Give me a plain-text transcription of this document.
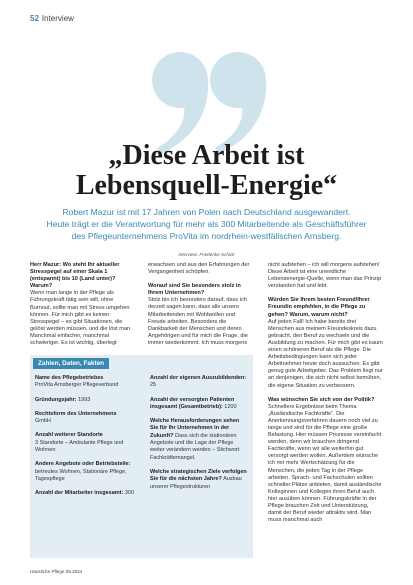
52 Interview
„Diese Arbeit ist
Lebensquell-Energie“
Robert Mazur ist mit 17 Jahren von Polen nach Deutschland ausgewandert.
Heute trägt er die Verantwortung für mehr als 300 Mitarbeitende als Geschäftsführer
des Pflegeunternehmens ProVita im nordrhein-westfälischen Arnsberg.
Interview: Friederike Schick
Herr Mazur: Wo steht Ihr aktueller Stresspegel auf einer Skala 1 (entspannt) bis 10 (Land unter)? Warum?
Wenn man lange in der Pflege als Führungskraft tätig sein will, ohne Burnout, sollte man mit Stress umgehen können. Für mich gibt es keinen Stresspegel – es gibt Situationen, die gelöst werden müssen, und die löst man. Manchmal einfacher, manchmal schwieriger. Es ist wichtig, überlegt
erwachsen und aus den Erfahrungen der Vergangenheit schöpfen.
Worauf sind Sie besonders stolz in Ihrem Unternehmen?
Stolz bin ich besonders darauf, dass ich derzeit sagen kann, dass alle unsere Mitarbeitenden mit Wohlwollen und Freude arbeiten. Besonders die Dankbarkeit der Menschen und deren Angehörigen und für mich die Frage, die immer wiederkommt. Ich muss morgens
nicht aufstehen – ich will morgens aufstehen! Diese Arbeit ist eine unendliche Lebensenergie-Quelle, wenn man das Prinzip verstanden hat und lebt.
Würden Sie Ihrem besten Freund/Ihrer Freundin empfehlen, in die Pflege zu gehen? Warum, warum nicht?
Auf jeden Fall! Ich habe bereits drei Menschen aus meinem Freundeskreis dazu gebracht, den Beruf zu wechseln und die Ausbildung zu machen. Für mich gibt es kaum einen schöneren Beruf als die Pflege. Die Arbeitsbedingungen kann sich jeder Arbeitnehmer heute doch aussuchen. Es gibt genug gute Arbeitgeber. Das Problem liegt nur an denjenigen, die sich nicht selbst bemühen, die eigene Situation zu verbessern.
Was wünschen Sie sich von der Politik?
Schnellere Ergebnisse beim Thema „Ausländische Fachkräfte“. Die Anerkennungsverfahren dauern noch viel zu lange und sind für die Pflege eine große Belastung. Hier müssen Prozesse vereinfacht werden, denn wir brauchen dringend Fachkräfte, wenn wir alle weiterhin gut versorgt werden wollen. Außerdem wünsche ich mir mehr Wertschätzung für die Menschen, die jeden Tag in der Pflege arbeiten. Sprach- und Fachschulen sollten schneller Plätze anbieten, damit ausländische Kolleginnen und Kollegen ihren Beruf auch hier ausüben können. Führungskräfte in der Pflege brauchen Zeit und Unterstützung, damit der Beruf wieder attraktiv wird. Man muss manchmal auch
Zahlen, Daten, Fakten
Name des Pflegebetriebes
ProVita Arnsberger Pflegeverbund
Gründungsjahr: 1993
Rechtsform des Unternehmens
GmbH
Anzahl weiterer Standorte
3 Standorte – Ambulante Pflege und Wohnen
Andere Angebote oder Betriebsteile: betreutes Wohnen, Stationäre Pflege, Tagespflege
Anzahl der Mitarbeiter insgesamt: 300
Anzahl der eigenen Auszubildenden: 25
Anzahl der versorgten Patienten insgesamt (Gesamtbetrieb): 1200
Welche Herausforderungen sehen Sie für Ihr Unternehmen in der Zukunft? Dass sich die stationären Angebote und die Lage der Pflege weiter verändern werden – Stichwort Fachkräftemangel.
Welche strategischen Ziele verfolgen Sie für die nächsten Jahre? Ausbau unserer Pflegestrukturen
Häusliche Pflege 09.2024
